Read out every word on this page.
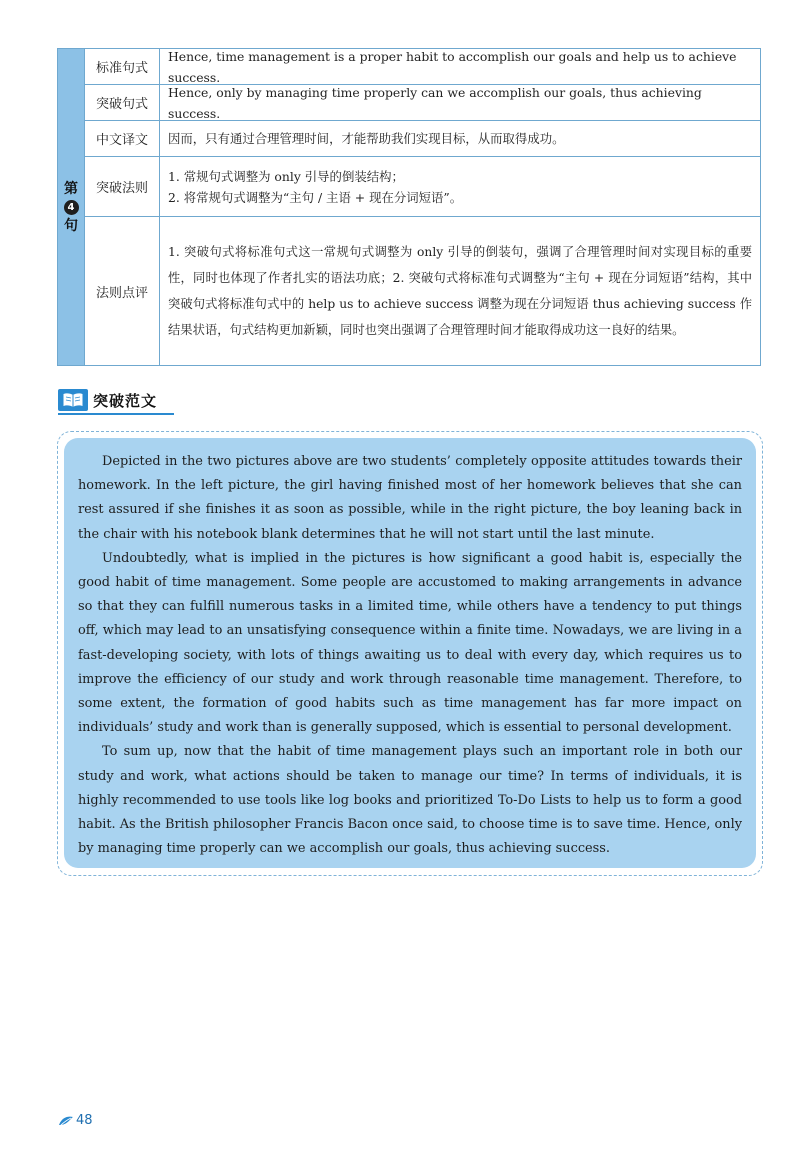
第
4
句
标准句式
Hence, time management is a proper habit to accomplish our goals and help us to achieve success.
突破句式
Hence, only by managing time properly can we accomplish our goals, thus achieving success.
中文译文	因而，只有通过合理管理时间，才能帮助我们实现目标，从而取得成功。
突破法则
1. 常规句式调整为 only 引导的倒装结构；
2. 将常规句式调整为“主句 / 主语 + 现在分词短语”。
法则点评
1. 突破句式将标准句式这一常规句式调整为 only 引导的倒装句，强调了合理管理时间对实现目标的重要性，同时也体现了作者扎实的语法功底；2. 突破句式将标准句式调整为“主句 + 现在分词短语”结构，其中突破句式将标准句式中的 help us to achieve success 调整为现在分词短语 thus achieving success 作结果状语，句式结构更加新颖，同时也突出强调了合理管理时间才能取得成功这一良好的结果。
突破范文

Depicted in the two pictures above are two students’ completely opposite attitudes towards their homework. In the left picture, the girl having finished most of her homework believes that she can rest assured if she finishes it as soon as possible, while in the right picture, the boy leaning back in the chair with his notebook blank determines that he will not start until the last minute.

Undoubtedly, what is implied in the pictures is how significant a good habit is, especially the good habit of time management. Some people are accustomed to making arrangements in advance so that they can fulfill numerous tasks in a limited time, while others have a tendency to put things off, which may lead to an unsatisfying consequence within a finite time. Nowadays, we are living in a fast-developing society, with lots of things awaiting us to deal with every day, which requires us to improve the efficiency of our study and work through reasonable time management. Therefore, to some extent, the formation of good habits such as time management has far more impact on individuals’ study and work than is generally supposed, which is essential to personal development.

To sum up, now that the habit of time management plays such an important role in both our study and work, what actions should be taken to manage our time? In terms of individuals, it is highly recommended to use tools like log books and prioritized To-Do Lists to help us to form a good habit. As the British philosopher Francis Bacon once said, to choose time is to save time. Hence, only by managing time properly can we accomplish our goals, thus achieving success.

48
